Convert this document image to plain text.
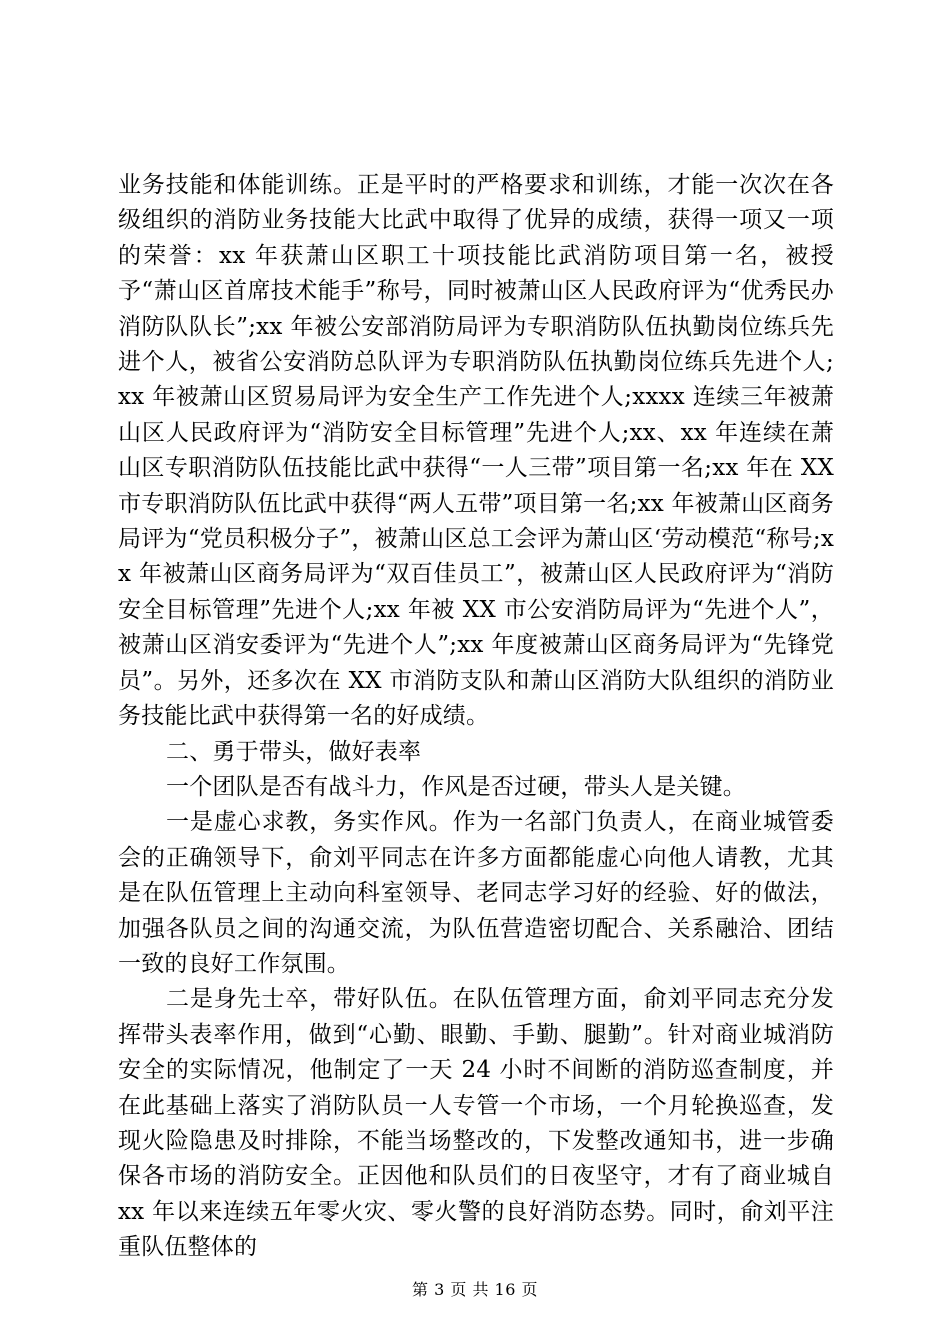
业务技能和体能训练。正是平时的严格要求和训练，才能一次次在各级组织的消防业务技能大比武中取得了优异的成绩，获得一项又一项的荣誉：xx 年获萧山区职工十项技能比武消防项目第一名，被授予“萧山区首席技术能手”称号，同时被萧山区人民政府评为“优秀民办消防队队长”;xx 年被公安部消防局评为专职消防队伍执勤岗位练兵先进个人，被省公安消防总队评为专职消防队伍执勤岗位练兵先进个人;xx 年被萧山区贸易局评为安全生产工作先进个人;xxxx 连续三年被萧山区人民政府评为“消防安全目标管理”先进个人;xx、xx 年连续在萧山区专职消防队伍技能比武中获得“一人三带”项目第一名;xx 年在 XX 市专职消防队伍比武中获得“两人五带”项目第一名;xx 年被萧山区商务局评为“党员积极分子”，被萧山区总工会评为萧山区‘劳动模范“称号;xx 年被萧山区商务局评为“双百佳员工”，被萧山区人民政府评为“消防安全目标管理”先进个人;xx 年被 XX 市公安消防局评为“先进个人”，被萧山区消安委评为“先进个人”;xx 年度被萧山区商务局评为“先锋党员”。另外，还多次在 XX 市消防支队和萧山区消防大队组织的消防业务技能比武中获得第一名的好成绩。

二、勇于带头，做好表率

一个团队是否有战斗力，作风是否过硬，带头人是关键。

一是虚心求教，务实作风。作为一名部门负责人，在商业城管委会的正确领导下，俞刘平同志在许多方面都能虚心向他人请教，尤其是在队伍管理上主动向科室领导、老同志学习好的经验、好的做法，加强各队员之间的沟通交流，为队伍营造密切配合、关系融洽、团结一致的良好工作氛围。

二是身先士卒，带好队伍。在队伍管理方面，俞刘平同志充分发挥带头表率作用，做到“心勤、眼勤、手勤、腿勤”。针对商业城消防安全的实际情况，他制定了一天 24 小时不间断的消防巡查制度，并在此基础上落实了消防队员一人专管一个市场，一个月轮换巡查，发现火险隐患及时排除，不能当场整改的，下发整改通知书，进一步确保各市场的消防安全。正因他和队员们的日夜坚守，才有了商业城自 xx 年以来连续五年零火灾、零火警的良好消防态势。同时，俞刘平注重队伍整体的

第 3 页 共 16 页
